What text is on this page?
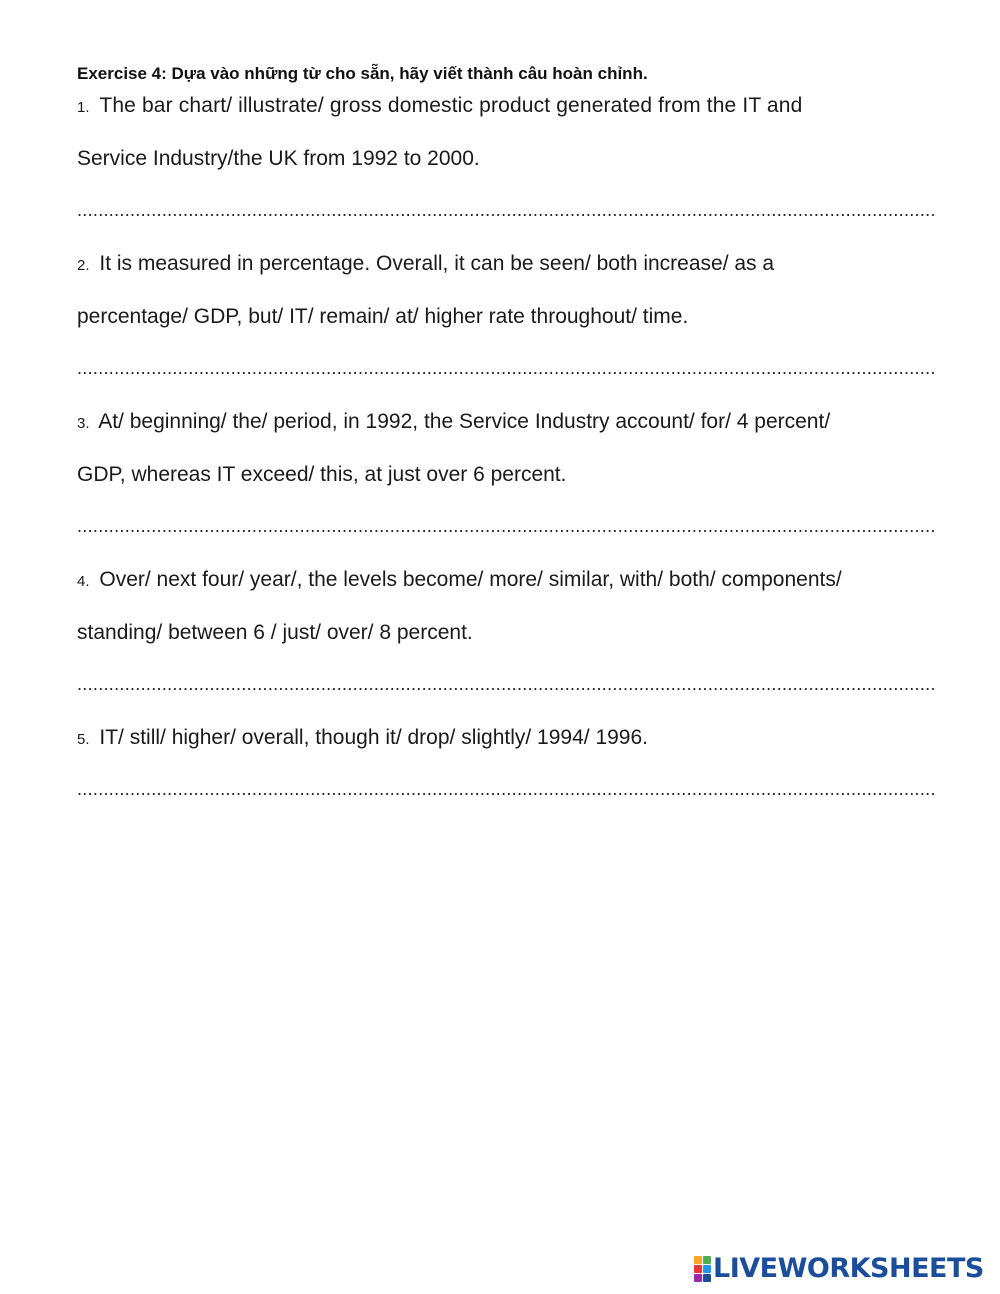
Exercise 4: Dựa vào những từ cho sẵn, hãy viết thành câu hoàn chỉnh.
1. The bar chart/ illustrate/ gross domestic product generated from the IT and
Service Industry/the UK from 1992 to 2000.
..................................................................................................................................................................
2. It is measured in percentage. Overall, it can be seen/ both increase/ as a
percentage/ GDP, but/ IT/ remain/ at/ higher rate throughout/ time.
..................................................................................................................................................................
3. At/ beginning/ the/ period, in 1992, the Service Industry account/ for/ 4 percent/
GDP, whereas IT exceed/ this, at just over 6 percent.
..................................................................................................................................................................
4. Over/ next four/ year/, the levels become/ more/ similar, with/ both/ components/
standing/ between 6 / just/ over/ 8 percent.
..................................................................................................................................................................
5. IT/ still/ higher/ overall, though it/ drop/ slightly/ 1994/ 1996.
..................................................................................................................................................................
LIVEWORKSHEETS
